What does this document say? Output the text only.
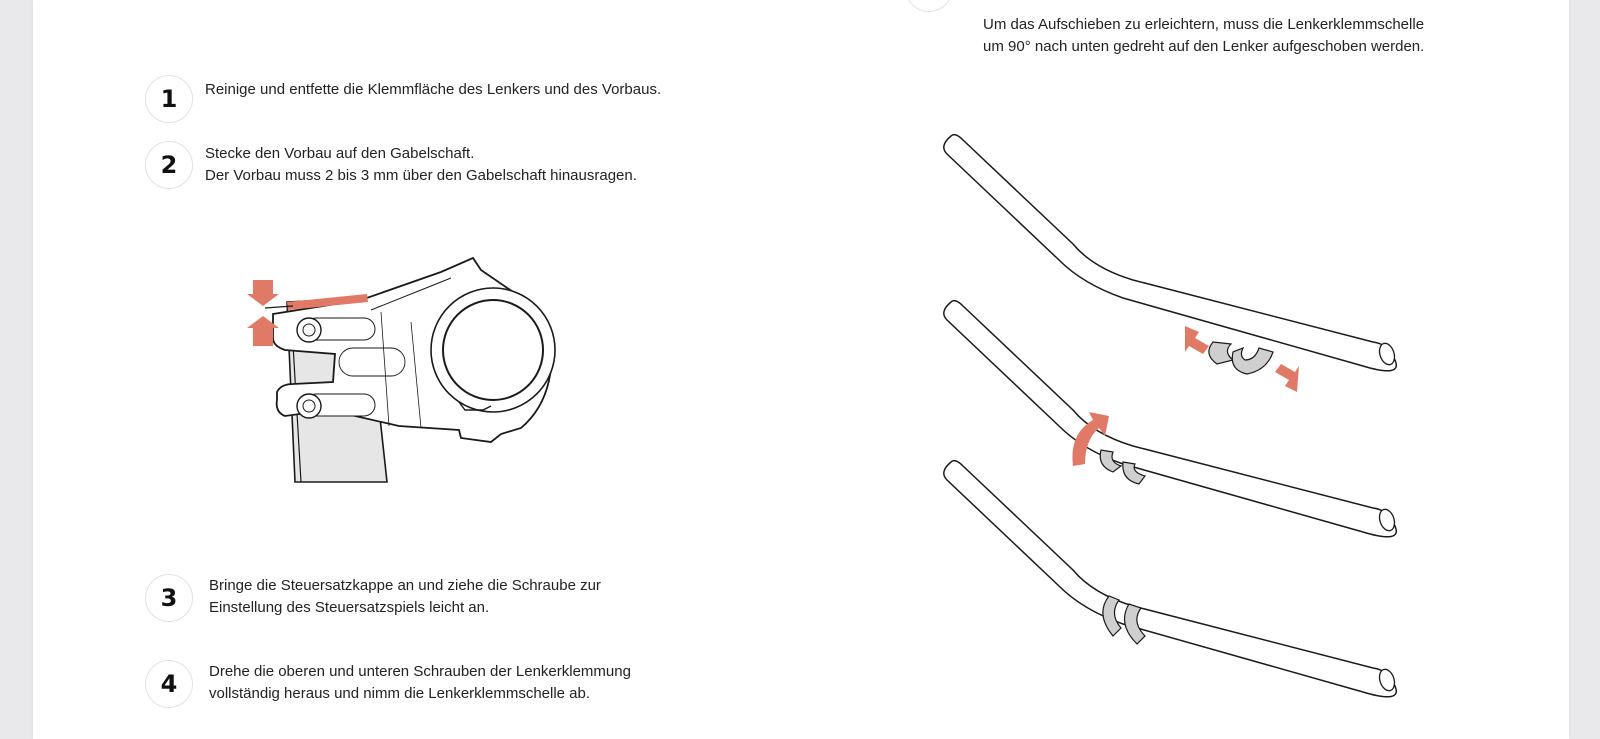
Um das Aufschieben zu erleichtern, muss die Lenkerklemmschelle
um 90° nach unten gedreht auf den Lenker aufgeschoben werden.
1	Reinige und entfette die Klemmfläche des Lenkers und des Vorbaus.
2	Stecke den Vorbau auf den Gabelschaft.
Der Vorbau muss 2 bis 3 mm über den Gabelschaft hinausragen.
3	Bringe die Steuersatzkappe an und ziehe die Schraube zur
Einstellung des Steuersatzspiels leicht an.
4	Drehe die oberen und unteren Schrauben der Lenkerklemmung
vollständig heraus und nimm die Lenkerklemmschelle ab.
